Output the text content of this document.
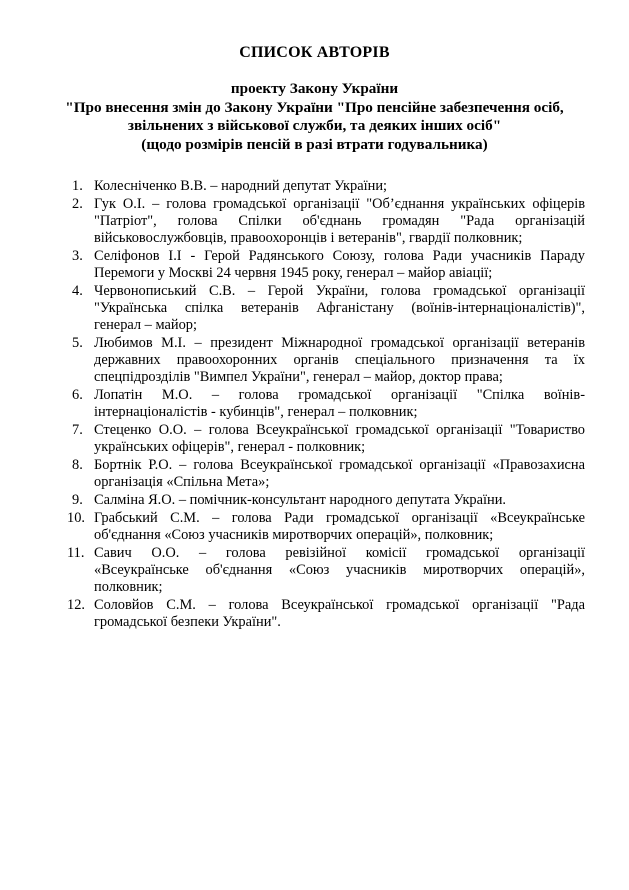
СПИСОК АВТОРІВ
проекту Закону України
"Про внесення змін до Закону України "Про пенсійне забезпечення осіб,
звільнених з військової служби, та деяких інших осіб"
(щодо розмірів пенсій в разі втрати годувальника)
1. Колесніченко В.В. – народний депутат України;
2. Гук О.І. – голова громадської організації "Об’єднання українських офіцерів
"Патріот", голова Спілки об'єднань громадян "Рада організацій
військовослужбовців, правоохоронців і ветеранів", гвардії полковник;
3. Селіфонов І.І - Герой Радянського Союзу, голова Ради учасників Параду
Перемоги у Москві 24 червня 1945 року, генерал – майор авіації;
4. Червонописький С.В. – Герой України, голова громадської організації
"Українська спілка ветеранів Афганістану (воїнів-інтернаціоналістів)",
генерал – майор;
5. Любимов М.І. – президент Міжнародної громадської організації ветеранів
державних правоохоронних органів спеціального призначення та їх
спецпідрозділів "Вимпел України", генерал – майор, доктор права;
6. Лопатін М.О. – голова громадської організації "Спілка воїнів-
інтернаціоналістів - кубинців", генерал – полковник;
7. Стеценко О.О. – голова Всеукраїнської громадської організації "Товариство
українських офіцерів", генерал - полковник;
8. Бортнік Р.О. – голова Всеукраїнської громадської організації «Правозахисна
організація «Спільна Мета»;
9. Салміна Я.О. – помічник-консультант народного депутата України.
10. Грабський С.М. – голова Ради громадської організації «Всеукраїнське
об'єднання «Союз учасників миротворчих операцій», полковник;
11. Савич О.О. – голова ревізійної комісії громадської організації
«Всеукраїнське об'єднання «Союз учасників миротворчих операцій»,
полковник;
12. Соловйов С.М. – голова Всеукраїнської громадської організації "Рада
громадської безпеки України".
